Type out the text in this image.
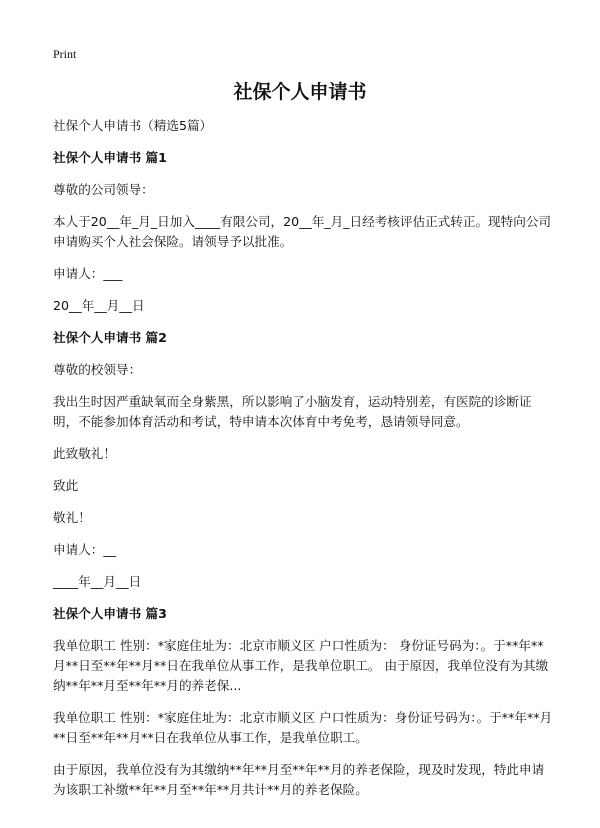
Print
社保个人申请书

社保个人申请书（精选5篇）

社保个人申请书 篇1

尊敬的公司领导：

本人于20__年_月_日加入____有限公司，20__年_月_日经考核评估正式转正。现特向公司申请购买个人社会保险。请领导予以批准。

申请人：___

20__年__月__日

社保个人申请书 篇2

尊敬的校领导：

我出生时因严重缺氧而全身紫黑，所以影响了小脑发育，运动特别差，有医院的诊断证明，不能参加体育活动和考试，特申请本次体育中考免考，恳请领导同意。

此致敬礼！

致此

敬礼！

申请人：__

____年__月__日

社保个人申请书 篇3

我单位职工 性别：*家庭住址为：北京市顺义区 户口性质为： 身份证号码为：。于**年**月**日至**年**月**日在我单位从事工作，是我单位职工。 由于原因，我单位没有为其缴纳**年**月至**年**月的养老保...

我单位职工 性别：*家庭住址为：北京市顺义区 户口性质为：身份证号码为：。于**年**月**日至**年**月**日在我单位从事工作，是我单位职工。

由于原因，我单位没有为其缴纳**年**月至**年**月的养老保险，现及时发现，特此申请为该职工补缴**年**月至**年**月共计**月的养老保险。
